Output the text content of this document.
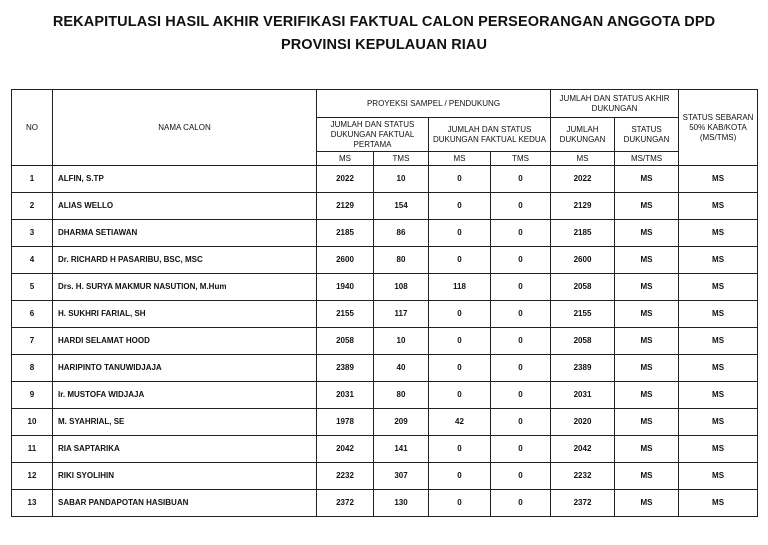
REKAPITULASI HASIL AKHIR VERIFIKASI FAKTUAL CALON PERSEORANGAN ANGGOTA DPD
PROVINSI KEPULAUAN RIAU
NO	NAMA CALON	PROYEKSI SAMPEL / PENDUKUNG				JUMLAH DAN STATUS AKHIR DUKUNGAN		STATUS SEBARAN 50% KAB/KOTA (MS/TMS)
		JUMLAH DAN STATUS DUKUNGAN FAKTUAL PERTAMA		JUMLAH DAN STATUS DUKUNGAN FAKTUAL KEDUA		JUMLAH DUKUNGAN	STATUS DUKUNGAN	
		MS	TMS	MS	TMS	MS	MS/TMS	
1	ALFIN, S.TP	2022	10	0	0	2022	MS	MS
2	ALIAS WELLO	2129	154	0	0	2129	MS	MS
3	DHARMA SETIAWAN	2185	86	0	0	2185	MS	MS
4	Dr. RICHARD H PASARIBU, BSC, MSC	2600	80	0	0	2600	MS	MS
5	Drs. H. SURYA MAKMUR NASUTION, M.Hum	1940	108	118	0	2058	MS	MS
6	H. SUKHRI FARIAL, SH	2155	117	0	0	2155	MS	MS
7	HARDI SELAMAT HOOD	2058	10	0	0	2058	MS	MS
8	HARIPINTO TANUWIDJAJA	2389	40	0	0	2389	MS	MS
9	Ir. MUSTOFA WIDJAJA	2031	80	0	0	2031	MS	MS
10	M. SYAHRIAL, SE	1978	209	42	0	2020	MS	MS
11	RIA SAPTARIKA	2042	141	0	0	2042	MS	MS
12	RIKI SYOLIHIN	2232	307	0	0	2232	MS	MS
13	SABAR PANDAPOTAN HASIBUAN	2372	130	0	0	2372	MS	MS
